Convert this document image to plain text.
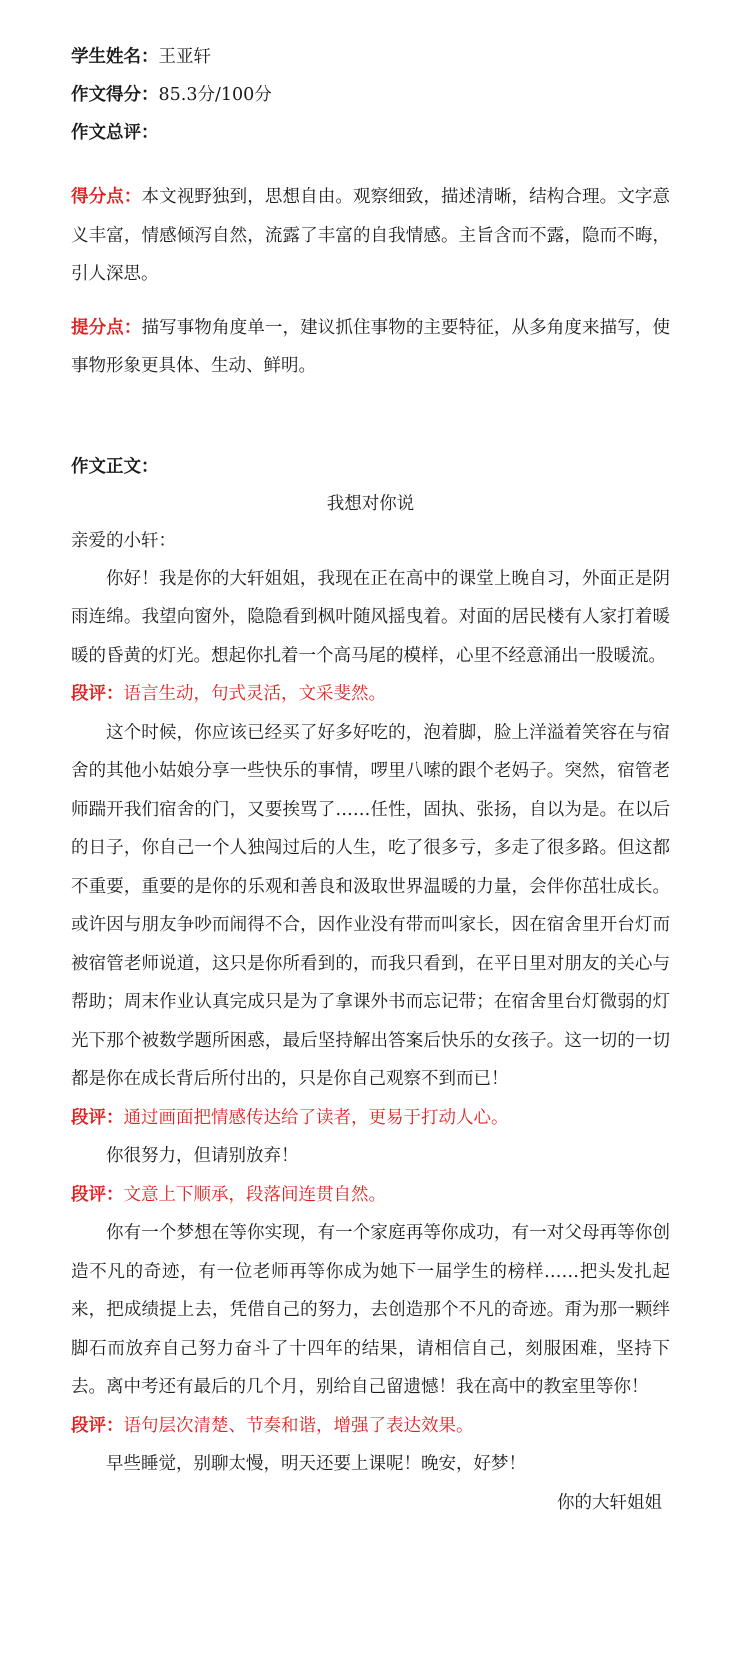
学生姓名：王亚轩
作文得分：85.3分/100分
作文总评：

得分点：本文视野独到，思想自由。观察细致，描述清晰，结构合理。文字意义丰富，情感倾泻自然，流露了丰富的自我情感。主旨含而不露，隐而不晦，引人深思。

提分点：描写事物角度单一，建议抓住事物的主要特征，从多角度来描写，使事物形象更具体、生动、鲜明。

作文正文：

我想对你说

亲爱的小轩：

你好！我是你的大轩姐姐，我现在正在高中的课堂上晚自习，外面正是阴雨连绵。我望向窗外，隐隐看到枫叶随风摇曳着。对面的居民楼有人家打着暖暖的昏黄的灯光。想起你扎着一个高马尾的模样，心里不经意涌出一股暖流。

段评：语言生动，句式灵活，文采斐然。

这个时候，你应该已经买了好多好吃的，泡着脚，脸上洋溢着笑容在与宿舍的其他小姑娘分享一些快乐的事情，啰里八嗦的跟个老妈子。突然，宿管老师踹开我们宿舍的门，又要挨骂了……任性，固执、张扬，自以为是。在以后的日子，你自己一个人独闯过后的人生，吃了很多亏，多走了很多路。但这都不重要，重要的是你的乐观和善良和汲取世界温暖的力量，会伴你茁壮成长。或许因与朋友争吵而闹得不合，因作业没有带而叫家长，因在宿舍里开台灯而被宿管老师说道，这只是你所看到的，而我只看到，在平日里对朋友的关心与帮助；周末作业认真完成只是为了拿课外书而忘记带；在宿舍里台灯微弱的灯光下那个被数学题所困惑，最后坚持解出答案后快乐的女孩子。这一切的一切都是你在成长背后所付出的，只是你自己观察不到而已！

段评：通过画面把情感传达给了读者，更易于打动人心。

你很努力，但请别放弃！

段评：文意上下顺承，段落间连贯自然。

你有一个梦想在等你实现，有一个家庭再等你成功，有一对父母再等你创造不凡的奇迹，有一位老师再等你成为她下一届学生的榜样……把头发扎起来，把成绩提上去，凭借自己的努力，去创造那个不凡的奇迹。甭为那一颗绊脚石而放弃自己努力奋斗了十四年的结果，请相信自己，刻服困难，坚持下去。离中考还有最后的几个月，别给自己留遗憾！我在高中的教室里等你！

段评：语句层次清楚、节奏和谐，增强了表达效果。

早些睡觉，别聊太慢，明天还要上课呢！晚安，好梦！

你的大轩姐姐
